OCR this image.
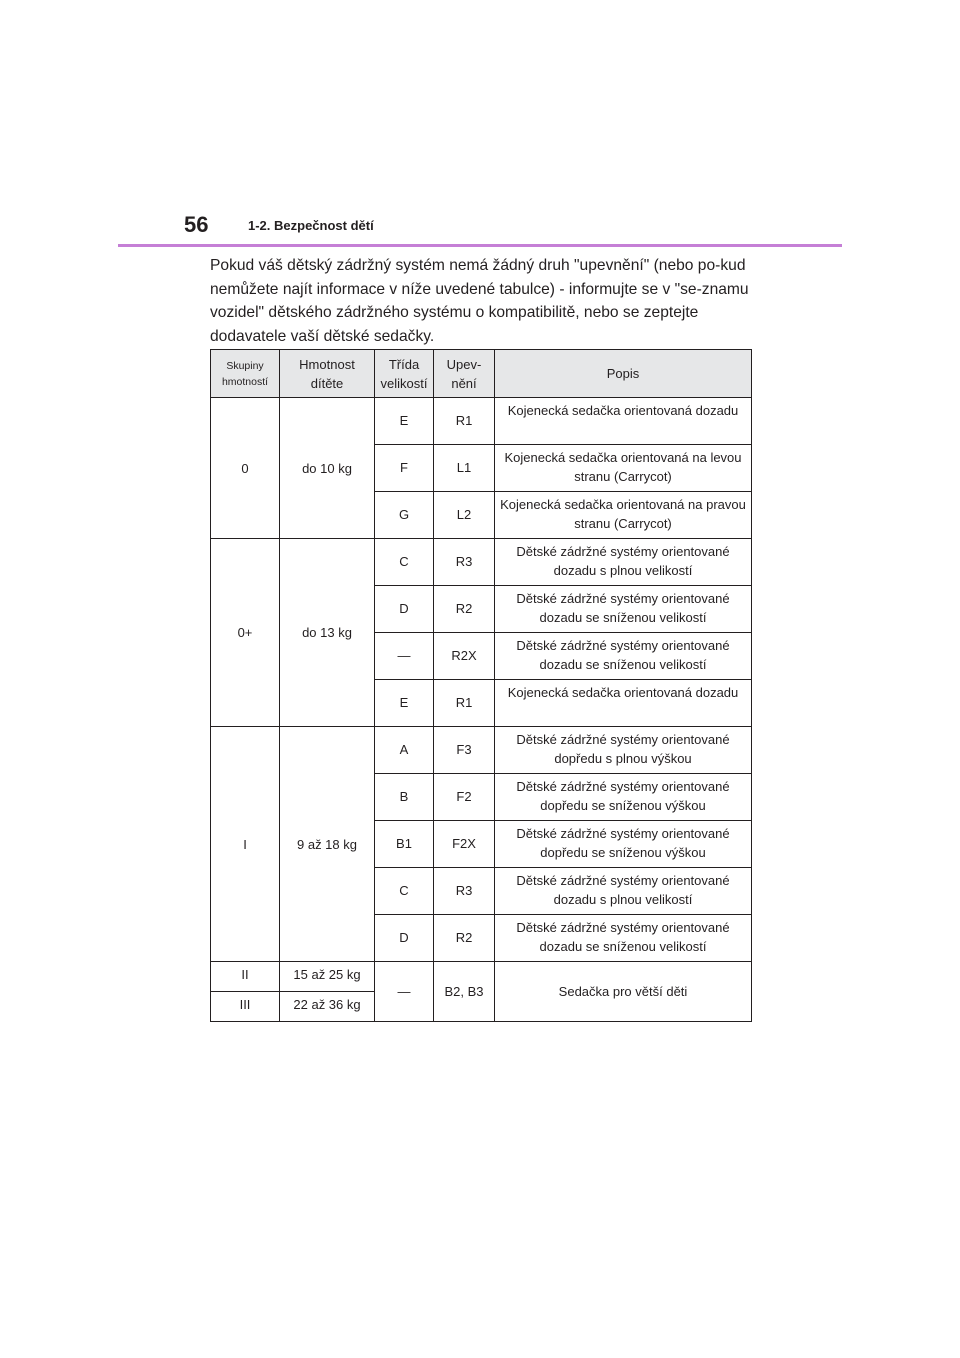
56	1-2. Bezpečnost dětí

Pokud váš dětský zádržný systém nemá žádný druh "upevnění" (nebo po-kud nemůžete najít informace v níže uvedené tabulce) - informujte se v "se-znamu vozidel" dětského zádržného systému o kompatibilitě, nebo se zeptejte dodavatele vaší dětské sedačky.

Skupiny hmotností	Hmotnost dítěte	Třída velikostí	Upev-nění	Popis
0	do 10 kg	E	R1	Kojenecká sedačka orientovaná dozadu
		F	L1	Kojenecká sedačka orientovaná na levou stranu (Carrycot)
		G	L2	Kojenecká sedačka orientovaná na pravou stranu (Carrycot)
0+	do 13 kg	C	R3	Dětské zádržné systémy orientované dozadu s plnou velikostí
		D	R2	Dětské zádržné systémy orientované dozadu se sníženou velikostí
		—	R2X	Dětské zádržné systémy orientované dozadu se sníženou velikostí
		E	R1	Kojenecká sedačka orientovaná dozadu
I	9 až 18 kg	A	F3	Dětské zádržné systémy orientované dopředu s plnou výškou
		B	F2	Dětské zádržné systémy orientované dopředu se sníženou výškou
		B1	F2X	Dětské zádržné systémy orientované dopředu se sníženou výškou
		C	R3	Dětské zádržné systémy orientované dozadu s plnou velikostí
		D	R2	Dětské zádržné systémy orientované dozadu se sníženou velikostí
II	15 až 25 kg	—	B2, B3	Sedačka pro větší děti
III	22 až 36 kg			
